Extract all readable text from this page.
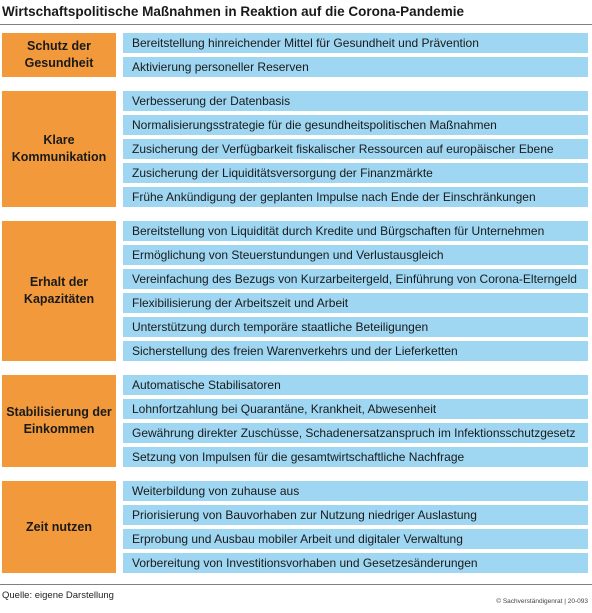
Wirtschaftspolitische Maßnahmen in Reaktion auf die Corona-Pandemie
Schutz der Gesundheit
Bereitstellung hinreichender Mittel für Gesundheit und Prävention
Aktivierung personeller Reserven
Klare Kommunikation
Verbesserung der Datenbasis
Normalisierungsstrategie für die gesundheitspolitischen Maßnahmen
Zusicherung der Verfügbarkeit fiskalischer Ressourcen auf europäischer Ebene
Zusicherung der Liquiditätsversorgung der Finanzmärkte
Frühe Ankündigung der geplanten Impulse nach Ende der Einschränkungen
Erhalt der Kapazitäten
Bereitstellung von Liquidität durch Kredite und Bürgschaften für Unternehmen
Ermöglichung von Steuerstundungen und Verlustausgleich
Vereinfachung des Bezugs von Kurzarbeitergeld, Einführung von Corona-Elterngeld
Flexibilisierung der Arbeitszeit und Arbeit
Unterstützung durch temporäre staatliche Beteiligungen
Sicherstellung des freien Warenverkehrs und der Lieferketten
Stabilisierung der Einkommen
Automatische Stabilisatoren
Lohnfortzahlung bei Quarantäne, Krankheit, Abwesenheit
Gewährung direkter Zuschüsse, Schadenersatzanspruch im Infektionsschutzgesetz
Setzung von Impulsen für die gesamtwirtschaftliche Nachfrage
Zeit nutzen
Weiterbildung von zuhause aus
Priorisierung von Bauvorhaben zur Nutzung niedriger Auslastung
Erprobung und Ausbau mobiler Arbeit und digitaler Verwaltung
Vorbereitung von Investitionsvorhaben und Gesetzesänderungen
Quelle: eigene Darstellung
© Sachverständigenrat | 20-093
